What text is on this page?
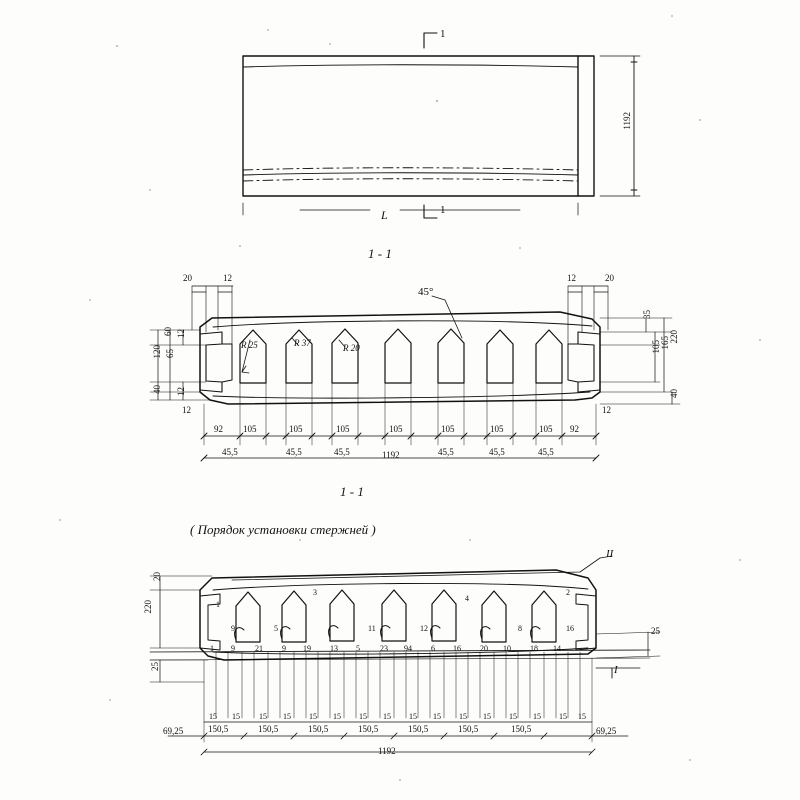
1
1
L
1192
1 - 1
1 - 1
45°
R 25	R 37	R 20
20	12	12	20
60 12
120 65
40 12
12
35
105 165 220
40
12
92 105	105	105	105	105	105	105 92
45,5	45,5	45,5	45,5	45,5	45,5
1192
( Порядок установки стержней )
20
220
25
25
II
I
1
3
4
2
9	5	11	12	8	16
1 9	21 9 19 13 5	23 94 6 16 20 10 18 14
15 15 15 15 15 15 15 15 15 15 15 15 15 15 15 15
150,5	150,5	150,5	150,5	150,5	150,5	150,5
69,25	69,25
1192
